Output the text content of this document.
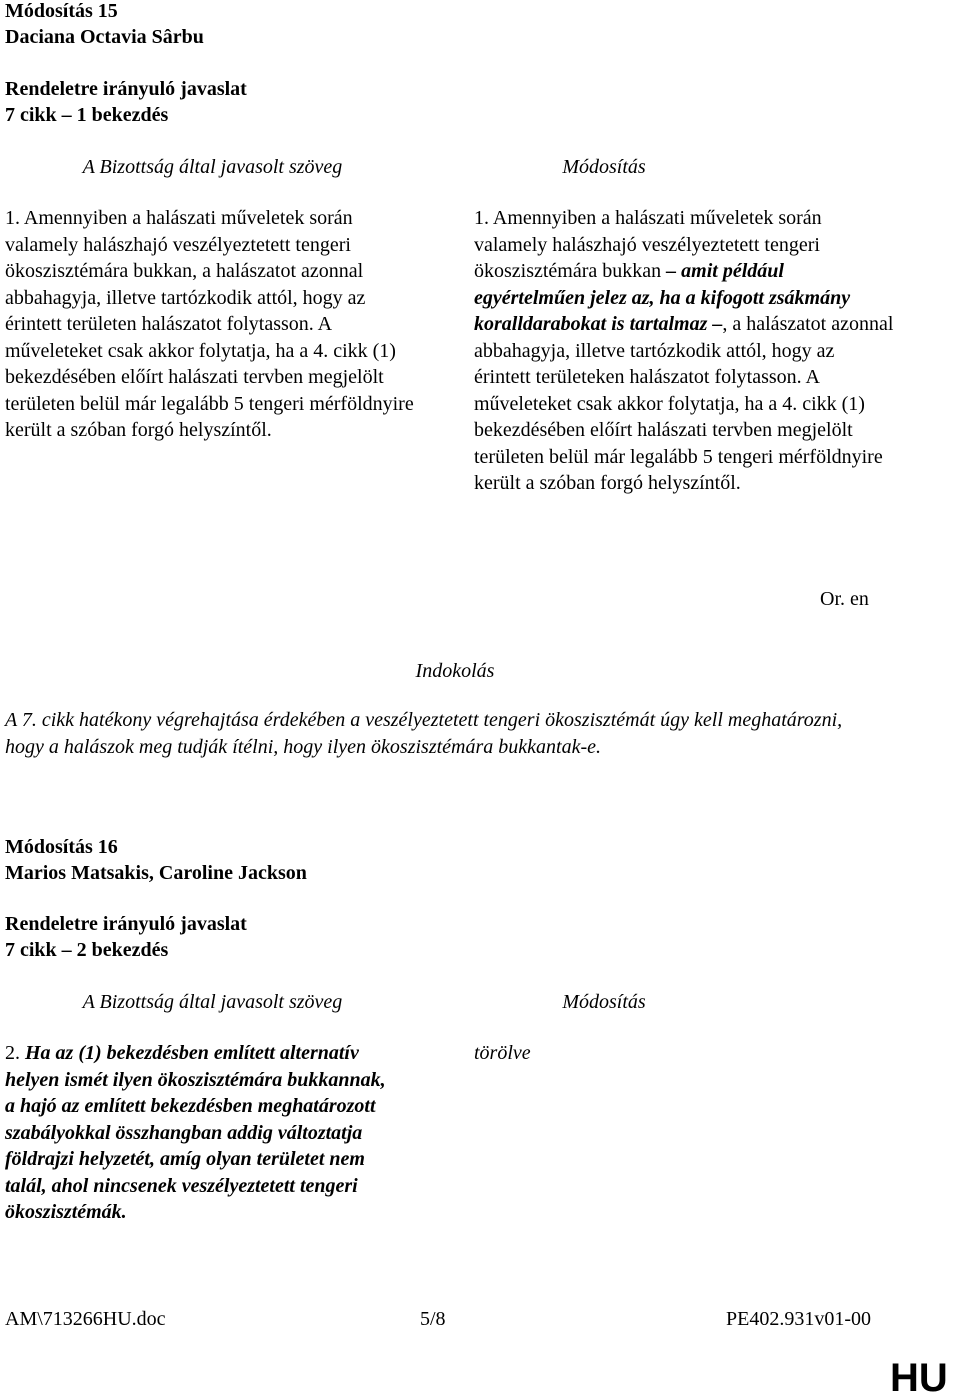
Módosítás 15
Daciana Octavia Sârbu
Rendeletre irányuló javaslat
7 cikk – 1 bekezdés
A Bizottság által javasolt szöveg	Módosítás

1. Amennyiben a halászati műveletek során valamely halászhajó veszélyeztetett tengeri ökoszisztémára bukkan, a halászatot azonnal abbahagyja, illetve tartózkodik attól, hogy az érintett területen halászatot folytasson. A műveleteket csak akkor folytatja, ha a 4. cikk (1) bekezdésében előírt halászati tervben megjelölt területen belül már legalább 5 tengeri mérföldnyire került a szóban forgó helyszíntől.

1. Amennyiben a halászati műveletek során valamely halászhajó veszélyeztetett tengeri ökoszisztémára bukkan – amit például egyértelműen jelez az, ha a kifogott zsákmány koralldarabokat is tartalmaz –, a halászatot azonnal abbahagyja, illetve tartózkodik attól, hogy az érintett területeken halászatot folytasson. A műveleteket csak akkor folytatja, ha a 4. cikk (1) bekezdésében előírt halászati tervben megjelölt területen belül már legalább 5 tengeri mérföldnyire került a szóban forgó helyszíntől.

Or. en
Indokolás

A 7. cikk hatékony végrehajtása érdekében a veszélyeztetett tengeri ökoszisztémát úgy kell meghatározni, hogy a halászok meg tudják ítélni, hogy ilyen ökoszisztémára bukkantak-e.

Módosítás 16
Marios Matsakis, Caroline Jackson
Rendeletre irányuló javaslat
7 cikk – 2 bekezdés
A Bizottság által javasolt szöveg	Módosítás

2. Ha az (1) bekezdésben említett alternatív helyen ismét ilyen ökoszisztémára bukkannak, a hajó az említett bekezdésben meghatározott szabályokkal összhangban addig változtatja földrajzi helyzetét, amíg olyan területet nem talál, ahol nincsenek veszélyeztetett tengeri ökoszisztémák.

törölve
AM\713266HU.doc	5/8	PE402.931v01-00
HU
